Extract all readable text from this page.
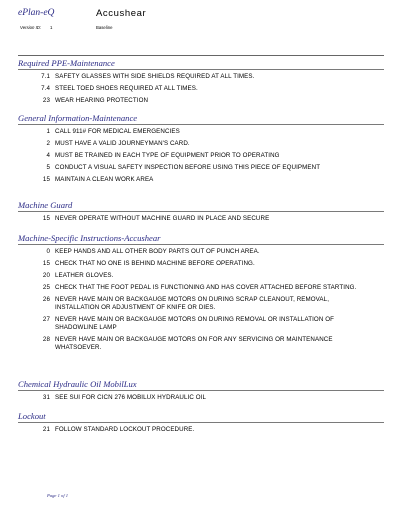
ePlan-eQ	Accushear
Version ID: 1	Baseline
Required PPE-Maintenance
7.1 SAFETY GLASSES WITH SIDE SHIELDS REQUIRED AT ALL TIMES.
7.4 STEEL TOED SHOES REQUIRED AT ALL TIMES.
23 WEAR HEARING PROTECTION
General Information-Maintenance
1 CALL 911# FOR MEDICAL EMERGENCIES
2 MUST HAVE A VALID JOURNEYMAN'S CARD.
4 MUST BE TRAINED IN EACH TYPE OF EQUIPMENT PRIOR TO OPERATING
5 CONDUCT A VISUAL SAFETY INSPECTION BEFORE USING THIS PIECE OF EQUIPMENT
15 MAINTAIN A CLEAN WORK AREA
Machine Guard
15 NEVER OPERATE WITHOUT MACHINE GUARD IN PLACE AND SECURE
Machine-Specific Instructions-Accushear
0 KEEP HANDS AND ALL OTHER BODY PARTS OUT OF PUNCH AREA.
15 CHECK THAT NO ONE IS BEHIND MACHINE BEFORE OPERATING.
20 LEATHER GLOVES.
25 CHECK THAT THE FOOT PEDAL IS FUNCTIONING AND HAS COVER ATTACHED BEFORE STARTING.
26 NEVER HAVE MAIN OR BACKGAUGE MOTORS ON DURING SCRAP CLEANOUT, REMOVAL, INSTALLATION OR ADJUSTMENT OF KNIFE OR DIES.
27 NEVER HAVE MAIN OR BACKGAUGE MOTORS ON DURING REMOVAL OR INSTALLATION OF SHADOWLINE LAMP
28 NEVER HAVE MAIN OR BACKGAUGE MOTORS ON FOR ANY SERVICING OR MAINTENANCE WHATSOEVER.
Chemical Hydraulic Oil MobilLux
31 SEE SUI FOR CICN 276 MOBILUX HYDRAULIC OIL
Lockout
21 FOLLOW STANDARD LOCKOUT PROCEDURE.
Page 1 of 1
